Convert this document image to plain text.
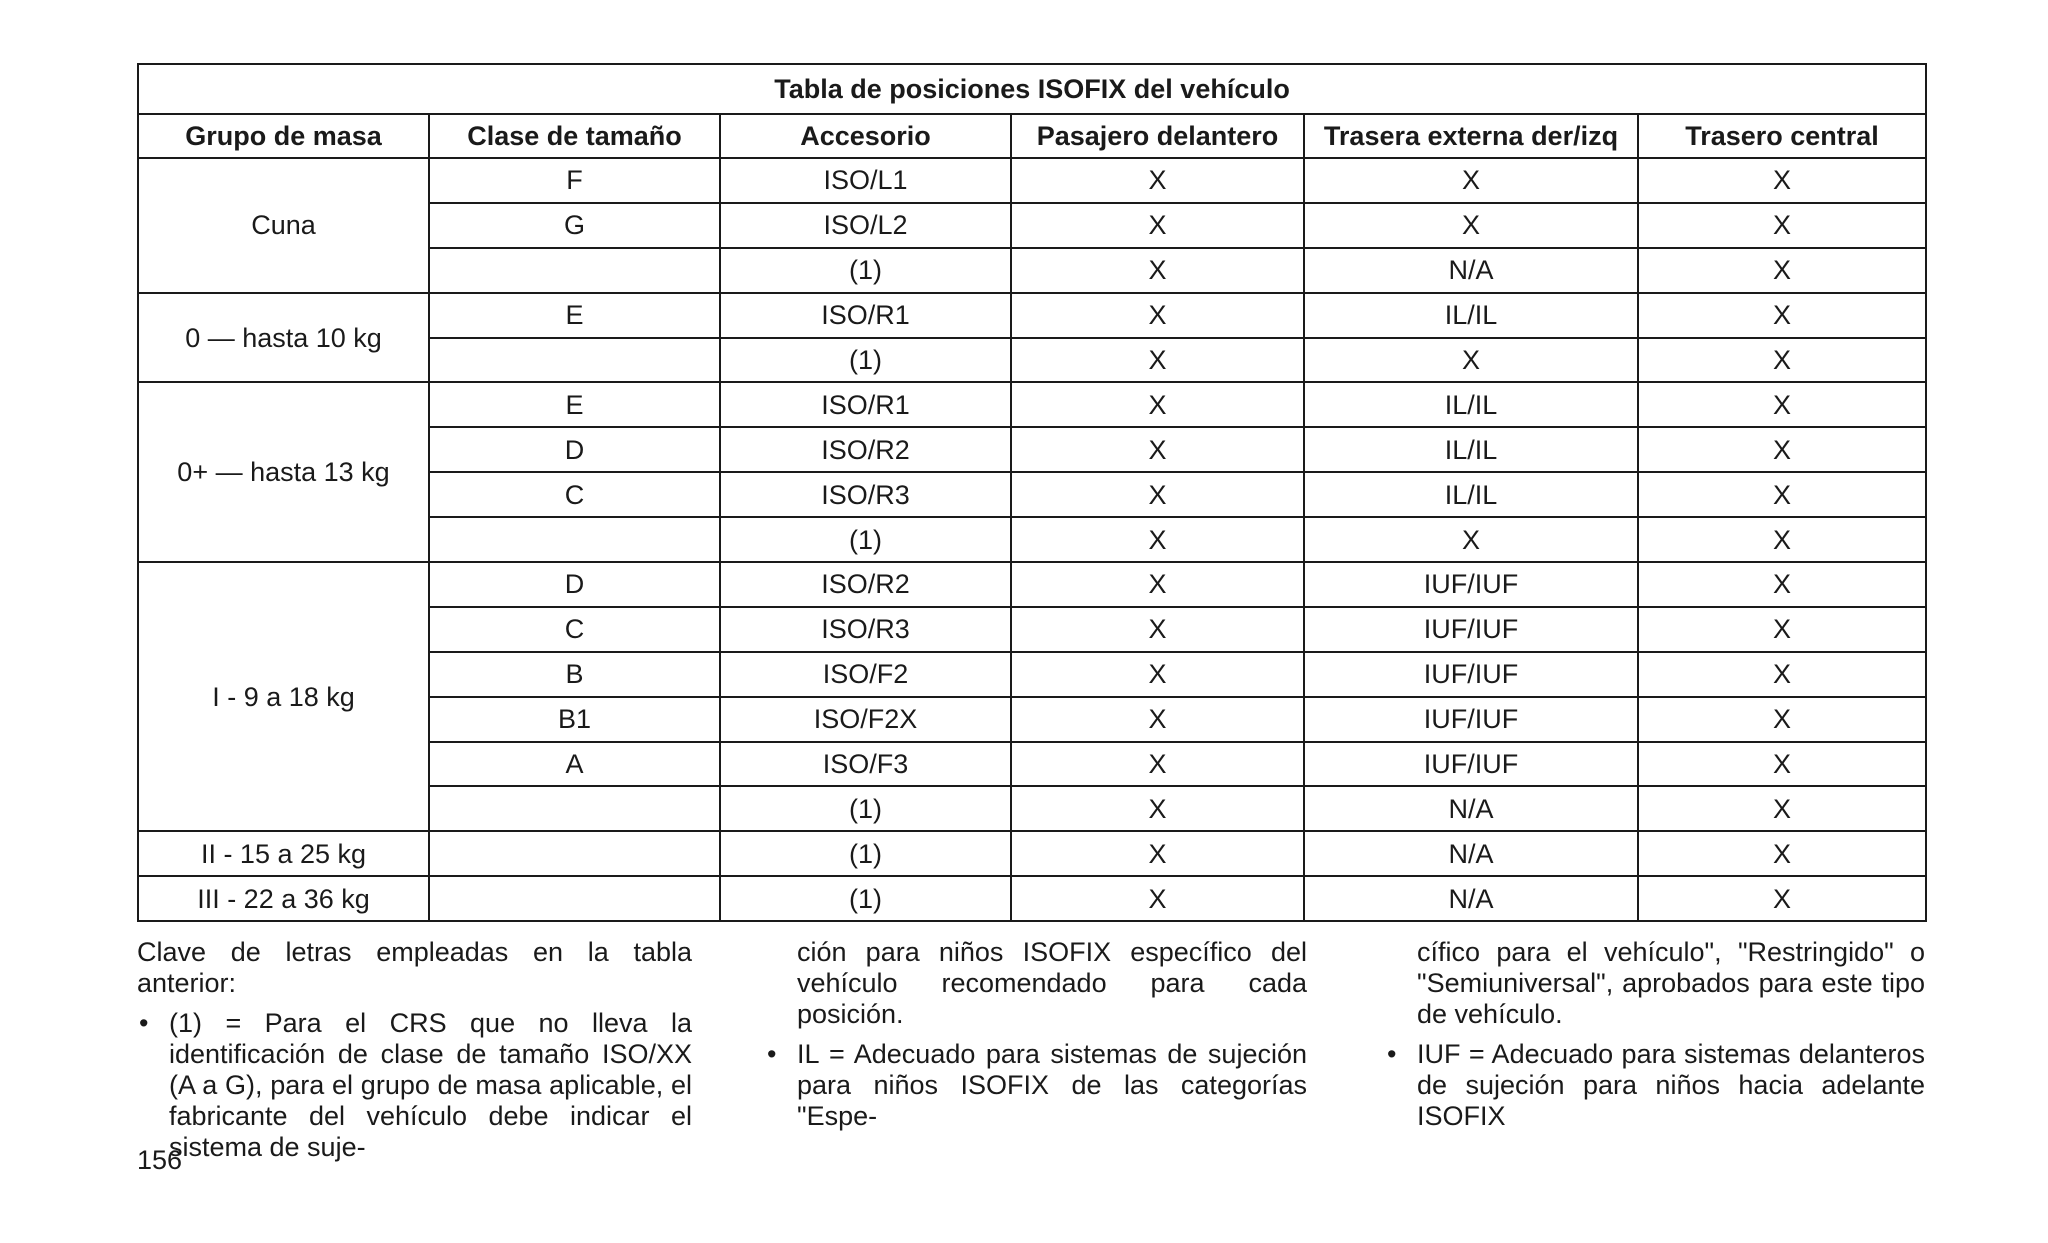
Tabla de posiciones ISOFIX del vehículo					
Grupo de masa	Clase de tamaño	Accesorio	Pasajero delantero	Trasera externa der/izq	Trasero central
Cuna	F	ISO/L1	X	X	X
	G	ISO/L2	X	X	X
		(1)	X	N/A	X
0 — hasta 10 kg	E	ISO/R1	X	IL/IL	X
		(1)	X	X	X
0+ — hasta 13 kg	E	ISO/R1	X	IL/IL	X
	D	ISO/R2	X	IL/IL	X
	C	ISO/R3	X	IL/IL	X
		(1)	X	X	X
I - 9 a 18 kg	D	ISO/R2	X	IUF/IUF	X
	C	ISO/R3	X	IUF/IUF	X
	B	ISO/F2	X	IUF/IUF	X
	B1	ISO/F2X	X	IUF/IUF	X
	A	ISO/F3	X	IUF/IUF	X
		(1)	X	N/A	X
II - 15 a 25 kg		(1)	X	N/A	X
III - 22 a 36 kg		(1)	X	N/A	X

Clave de letras empleadas en la tabla anterior:

• (1) = Para el CRS que no lleva la identificación de clase de tamaño ISO/XX (A a G), para el grupo de masa aplicable, el fabricante del vehículo debe indicar el sistema de suje-

ción para niños ISOFIX específico del vehículo recomendado para cada posición.

• IL = Adecuado para sistemas de sujeción para niños ISOFIX de las categorías "Espe-

cífico para el vehículo", "Restringido" o "Semiuniversal", aprobados para este tipo de vehículo.

• IUF = Adecuado para sistemas delanteros de sujeción para niños hacia adelante ISOFIX

156
